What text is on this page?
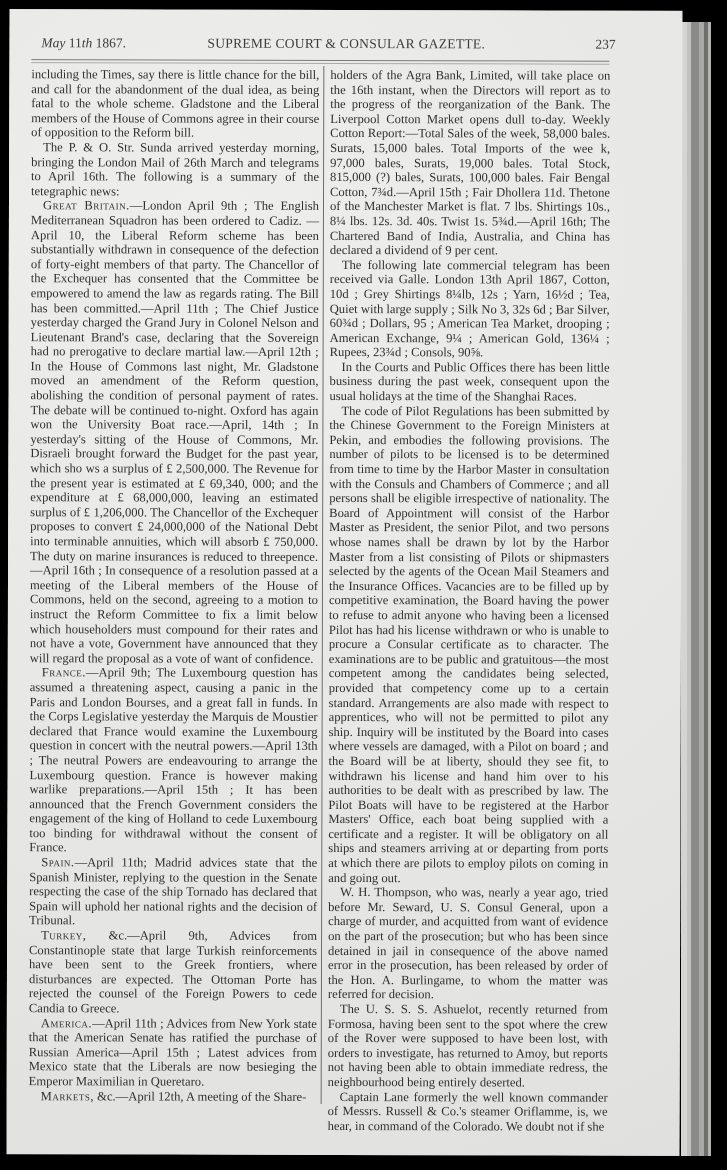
May 11th 1867.	SUPREME COURT & CONSULAR GAZETTE.	237

including the Times, say there is little chance for the bill, and call for the abandonment of the dual idea, as being fatal to the whole scheme. Gladstone and the Liberal members of the House of Commons agree in their course of opposition to the Reform bill.

The P. & O. Str. Sunda arrived yesterday morning, bringing the London Mail of 26th March and telegrams to April 16th. The following is a summary of the tetegraphic news:

Great Britain.—London April 9th ; The English Mediterranean Squadron has been ordered to Cadiz. —April 10, the Liberal Reform scheme has been substantially withdrawn in consequence of the defection of forty-eight members of that party. The Chancellor of the Exchequer has consented that the Committee be empowered to amend the law as regards rating. The Bill has been committed.—April 11th ; The Chief Justice yesterday charged the Grand Jury in Colonel Nelson and Lieutenant Brand's case, declaring that the Sovereign had no prerogative to declare martial law.—April 12th ; In the House of Commons last night, Mr. Gladstone moved an amendment of the Reform question, abolishing the condition of personal payment of rates. The debate will be continued to-night. Oxford has again won the University Boat race.—April, 14th ; In yesterday's sitting of the House of Commons, Mr. Disraeli brought forward the Budget for the past year, which sho ws a surplus of £ 2,500,000. The Revenue for the present year is estimated at £ 69,340, 000; and the expenditure at £ 68,000,000, leaving an estimated surplus of £ 1,206,000. The Chancellor of the Exchequer proposes to convert £ 24,000,000 of the National Debt into terminable annuities, which will absorb £ 750,000. The duty on marine insurances is reduced to threepence.—April 16th ; In consequence of a resolution passed at a meeting of the Liberal members of the House of Commons, held on the second, agreeing to a motion to instruct the Reform Committee to fix a limit below which householders must compound for their rates and not have a vote, Government have announced that they will regard the proposal as a vote of want of confidence.

France.—April 9th; The Luxembourg question has assumed a threatening aspect, causing a panic in the Paris and London Bourses, and a great fall in funds. In the Corps Legislative yesterday the Marquis de Moustier declared that France would examine the Luxembourg question in concert with the neutral powers.—April 13th ; The neutral Powers are endeavouring to arrange the Luxembourg question. France is however making warlike preparations.—April 15th ; It has been announced that the French Government considers the engagement of the king of Holland to cede Luxembourg too binding for withdrawal without the consent of France.

Spain.—April 11th; Madrid advices state that the Spanish Minister, replying to the question in the Senate respecting the case of the ship Tornado has declared that Spain will uphold her national rights and the decision of Tribunal.

Turkey, &c.—April 9th, Advices from Constantinople state that large Turkish reinforcements have been sent to the Greek frontiers, where disturbances are expected. The Ottoman Porte has rejected the counsel of the Foreign Powers to cede Candia to Greece.

America.—April 11th ; Advices from New York state that the American Senate has ratified the purchase of Russian America—April 15th ; Latest advices from Mexico state that the Liberals are now besieging the Emperor Maximilian in Queretaro.

Markets, &c.—April 12th, A meeting of the Share-

holders of the Agra Bank, Limited, will take place on the 16th instant, when the Directors will report as to the progress of the reorganization of the Bank. The Liverpool Cotton Market opens dull to-day. Weekly Cotton Report:—Total Sales of the week, 58,000 bales. Surats, 15,000 bales. Total Imports of the wee k, 97,000 bales, Surats, 19,000 bales. Total Stock, 815,000 (?) bales, Surats, 100,000 bales. Fair Bengal Cotton, 7¾d.—April 15th ; Fair Dhollera 11d. Thetone of the Manchester Market is flat. 7 lbs. Shirtings 10s., 8¼ lbs. 12s. 3d. 40s. Twist 1s. 5¾d.—April 16th; The Chartered Band of India, Australia, and China has declared a dividend of 9 per cent.

The following late commercial telegram has been received via Galle. London 13th April 1867, Cotton, 10d ; Grey Shirtings 8¼lb, 12s ; Yarn, 16½d ; Tea, Quiet with large supply ; Silk No 3, 32s 6d ; Bar Silver, 60¾d ; Dollars, 95 ; American Tea Market, drooping ; American Exchange, 9¼ ; American Gold, 136¼ ; Rupees, 23¾d ; Consols, 90⅝.

In the Courts and Public Offices there has been little business during the past week, consequent upon the usual holidays at the time of the Shanghai Races.

The code of Pilot Regulations has been submitted by the Chinese Government to the Foreign Ministers at Pekin, and embodies the following provisions. The number of pilots to be licensed is to be determined from time to time by the Harbor Master in consultation with the Consuls and Chambers of Commerce ; and all persons shall be eligible irrespective of nationality. The Board of Appointment will consist of the Harbor Master as President, the senior Pilot, and two persons whose names shall be drawn by lot by the Harbor Master from a list consisting of Pilots or shipmasters selected by the agents of the Ocean Mail Steamers and the Insurance Offices. Vacancies are to be filled up by competitive examination, the Board having the power to refuse to admit anyone who having been a licensed Pilot has had his license withdrawn or who is unable to procure a Consular certificate as to character. The examinations are to be public and gratuitous—the most competent among the candidates being selected, provided that competency come up to a certain standard. Arrangements are also made with respect to apprentices, who will not be permitted to pilot any ship. Inquiry will be instituted by the Board into cases where vessels are damaged, with a Pilot on board ; and the Board will be at liberty, should they see fit, to withdrawn his license and hand him over to his authorities to be dealt with as prescribed by law. The Pilot Boats will have to be registered at the Harbor Masters' Office, each boat being supplied with a certificate and a register. It will be obligatory on all ships and steamers arriving at or departing from ports at which there are pilots to employ pilots on coming in and going out.

W. H. Thompson, who was, nearly a year ago, tried before Mr. Seward, U. S. Consul General, upon a charge of murder, and acquitted from want of evidence on the part of the prosecution; but who has been since detained in jail in consequence of the above named error in the prosecution, has been released by order of the Hon. A. Burlingame, to whom the matter was referred for decision.

The U. S. S. S. Ashuelot, recently returned from Formosa, having been sent to the spot where the crew of the Rover were supposed to have been lost, with orders to investigate, has returned to Amoy, but reports not having been able to obtain immediate redress, the neighbourhood being entirely deserted.

Captain Lane formerly the well known commander of Messrs. Russell & Co.'s steamer Oriflamme, is, we hear, in command of the Colorado. We doubt not if she
